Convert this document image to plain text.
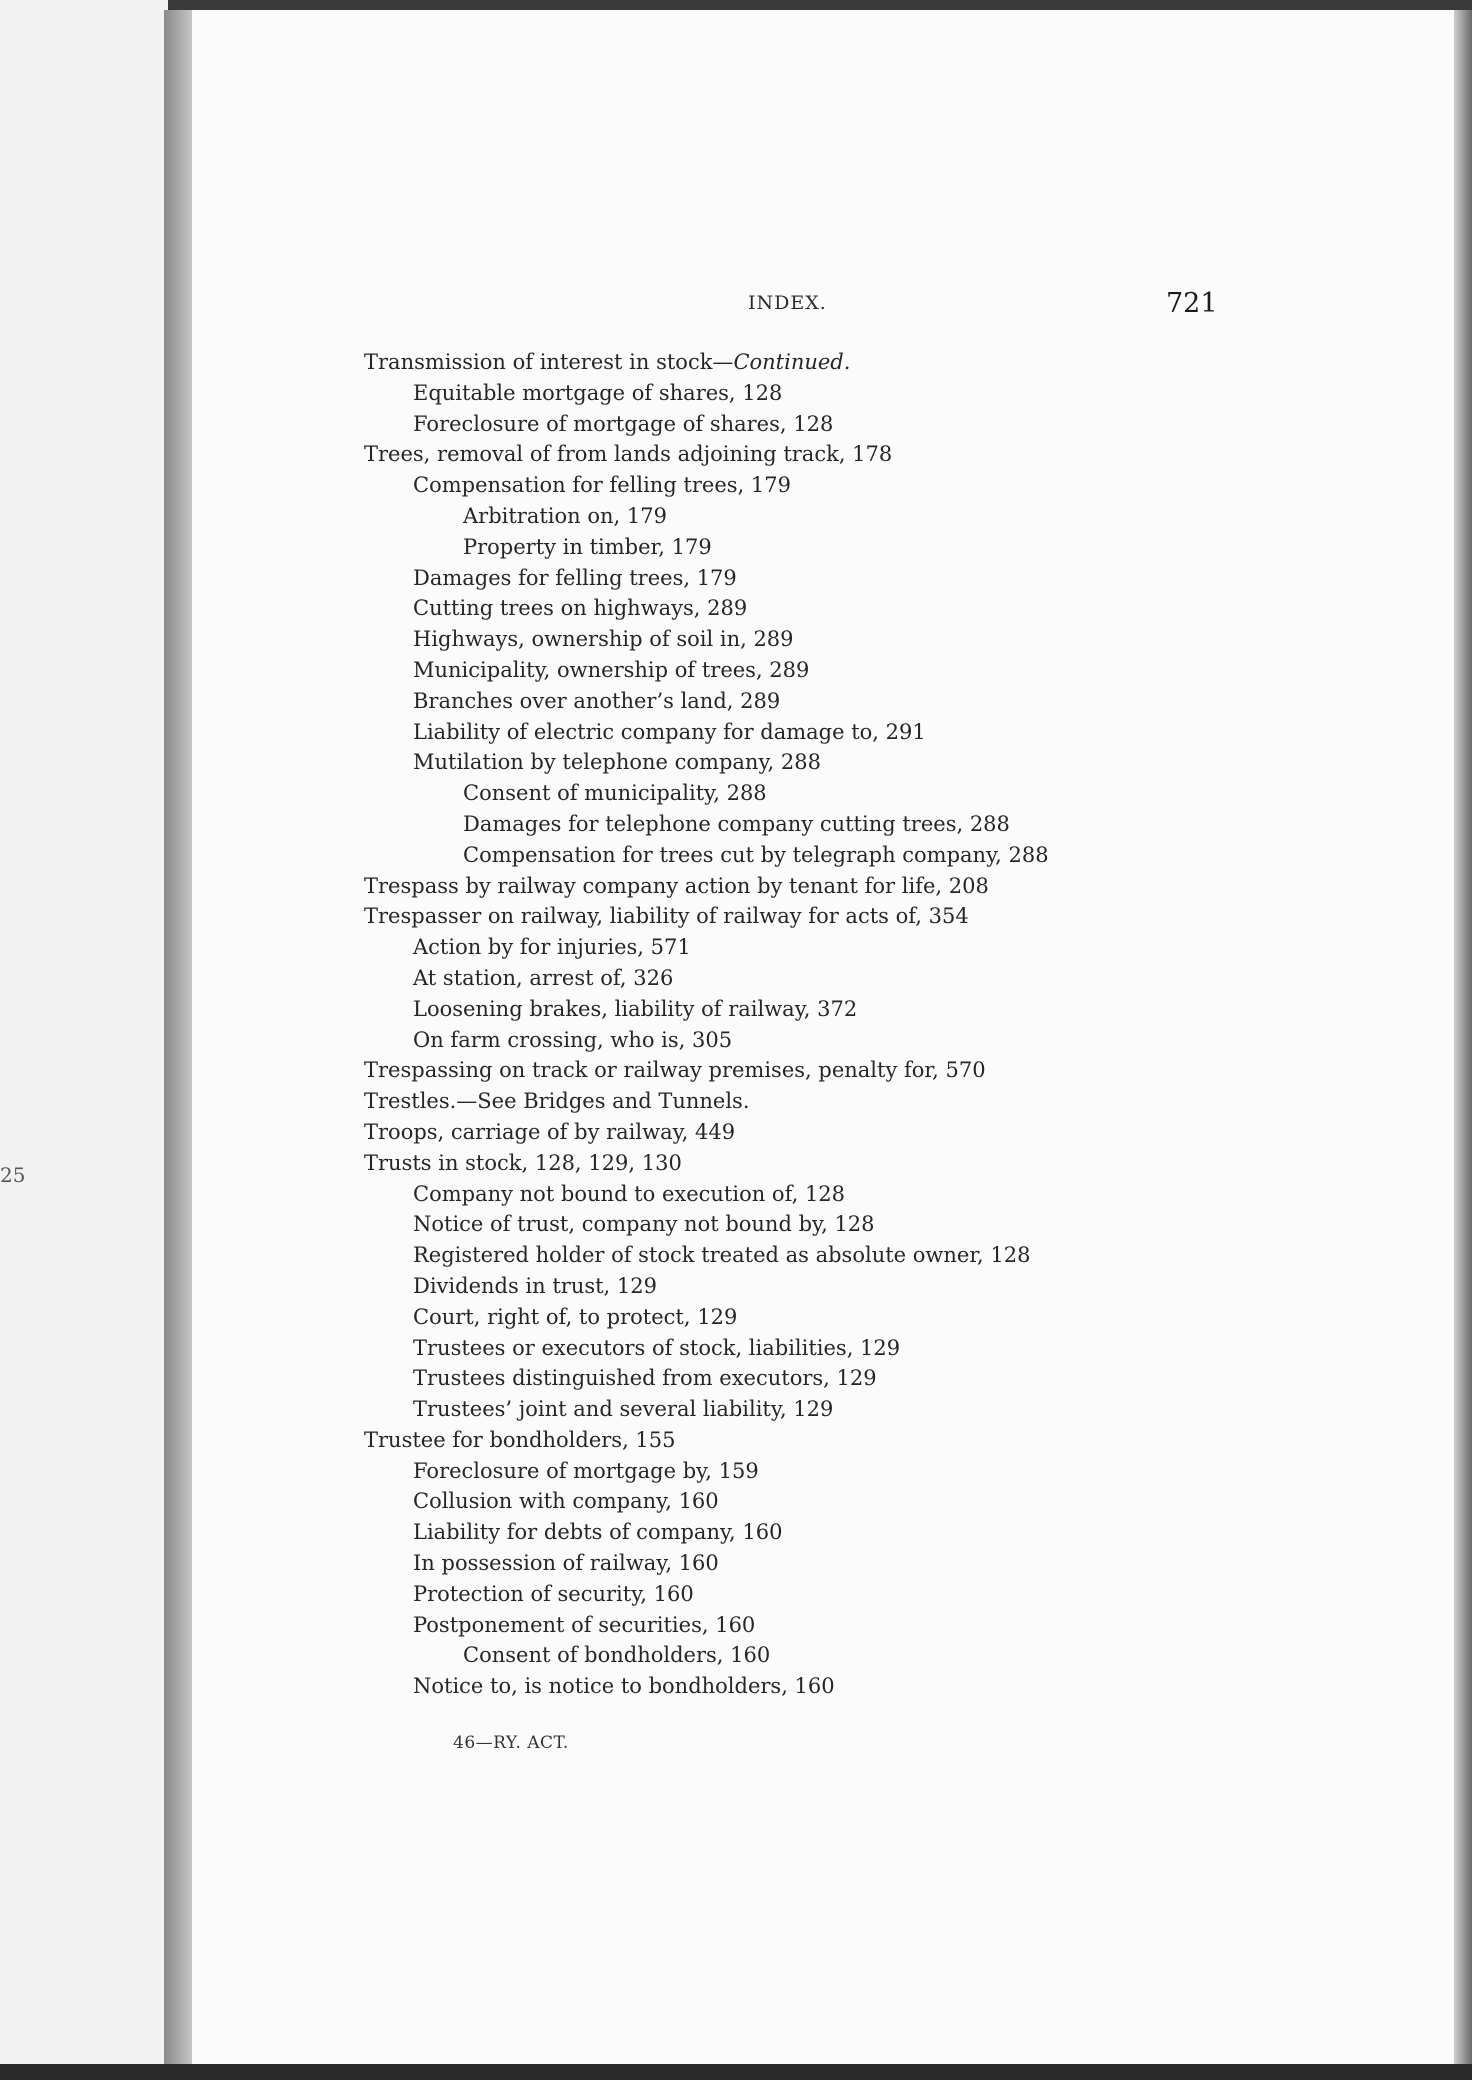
25
INDEX.	721
Transmission of interest in stock—Continued.
Equitable mortgage of shares, 128
Foreclosure of mortgage of shares, 128
Trees, removal of from lands adjoining track, 178
Compensation for felling trees, 179
Arbitration on, 179
Property in timber, 179
Damages for felling trees, 179
Cutting trees on highways, 289
Highways, ownership of soil in, 289
Municipality, ownership of trees, 289
Branches over another’s land, 289
Liability of electric company for damage to, 291
Mutilation by telephone company, 288
Consent of municipality, 288
Damages for telephone company cutting trees, 288
Compensation for trees cut by telegraph company, 288
Trespass by railway company action by tenant for life, 208
Trespasser on railway, liability of railway for acts of, 354
Action by for injuries, 571
At station, arrest of, 326
Loosening brakes, liability of railway, 372
On farm crossing, who is, 305
Trespassing on track or railway premises, penalty for, 570
Trestles.—See Bridges and Tunnels.
Troops, carriage of by railway, 449
Trusts in stock, 128, 129, 130
Company not bound to execution of, 128
Notice of trust, company not bound by, 128
Registered holder of stock treated as absolute owner, 128
Dividends in trust, 129
Court, right of, to protect, 129
Trustees or executors of stock, liabilities, 129
Trustees distinguished from executors, 129
Trustees’ joint and several liability, 129
Trustee for bondholders, 155
Foreclosure of mortgage by, 159
Collusion with company, 160
Liability for debts of company, 160
In possession of railway, 160
Protection of security, 160
Postponement of securities, 160
Consent of bondholders, 160
Notice to, is notice to bondholders, 160
46—RY. ACT.
